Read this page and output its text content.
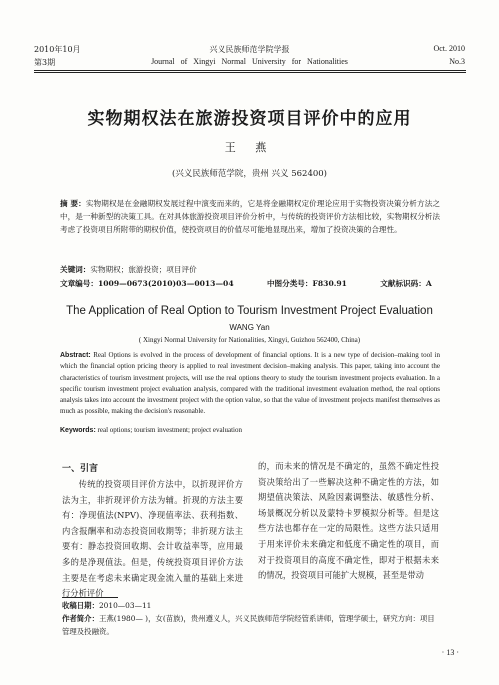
2010年10月
第3期
兴义民族师范学院学报
Journal   of   Xingyi   Normal   University   for   Nationalities
Oct. 2010
No.3
实物期权法在旅游投资项目评价中的应用
王 燕
(兴义民族师范学院，贵州 兴义 562400)
摘 要：实物期权是在金融期权发展过程中演变而来的，它是将金融期权定价理论应用于实物投资决策分析方法之中，是一种新型的决策工具。在对具体旅游投资项目评价分析中，与传统的投资评价方法相比较，实物期权分析法考虑了投资项目所附带的期权价值，使投资项目的价值尽可能地显现出来，增加了投资决策的合理性。
关键词：实物期权；旅游投资；项目评价
文章编号：1009—0673(2010)03—0013—04	中图分类号：F830.91	文献标识码：A
The Application of Real Option to Tourism Investment Project Evaluation
WANG Yan
( Xingyi Normal University for Nationalities, Xingyi, Guizhou 562400, China)
Abstract: Real Options is evolved in the process of development of financial options. It is a new type of decision–making tool in which the financial option pricing theory is applied to real investment decision–making analysis. This paper, taking into account the characteristics of tourism investment projects, will use the real options theory to study the tourism investment projects evaluation. In a specific tourism investment project evaluation analysis, compared with the traditional investment evaluation method, the real options analysis takes into account the investment project with the option value, so that the value of investment projects manifest themselves as much as possible, making the decision's reasonable.
Keywords: real options; tourism investment; project evaluation
一、引言
传统的投资项目评价方法中，以折现评价方法为主，非折现评价方法为辅。折现的方法主要有：净现值法(NPV)、净现值率法、获利指数、内含报酬率和动态投资回收期等；非折现方法主要有：静态投资回收期、会计收益率等，应用最多的是净现值法。但是，传统投资项目评价方法主要是在考虑未来确定现金流入量的基础上来进行分析评价
的，而未来的情况是不确定的，虽然不确定性投资决策给出了一些解决这种不确定性的方法，如期望值决策法、风险因素调整法、敏感性分析、场景概况分析以及蒙特卡罗模拟分析等。但是这些方法也都存在一定的局限性。这些方法只适用于用来评价未来确定和低度不确定性的项目，而对于投资项目的高度不确定性，即对于根据未来的情况，投资项目可能扩大规模，甚至是带动
收稿日期：2010—03—11
作者简介：王燕(1980— )，女(苗族)，贵州遵义人，兴义民族师范学院经管系讲师，管理学硕士，研究方向：项目管理及投融资。
· 13 ·
